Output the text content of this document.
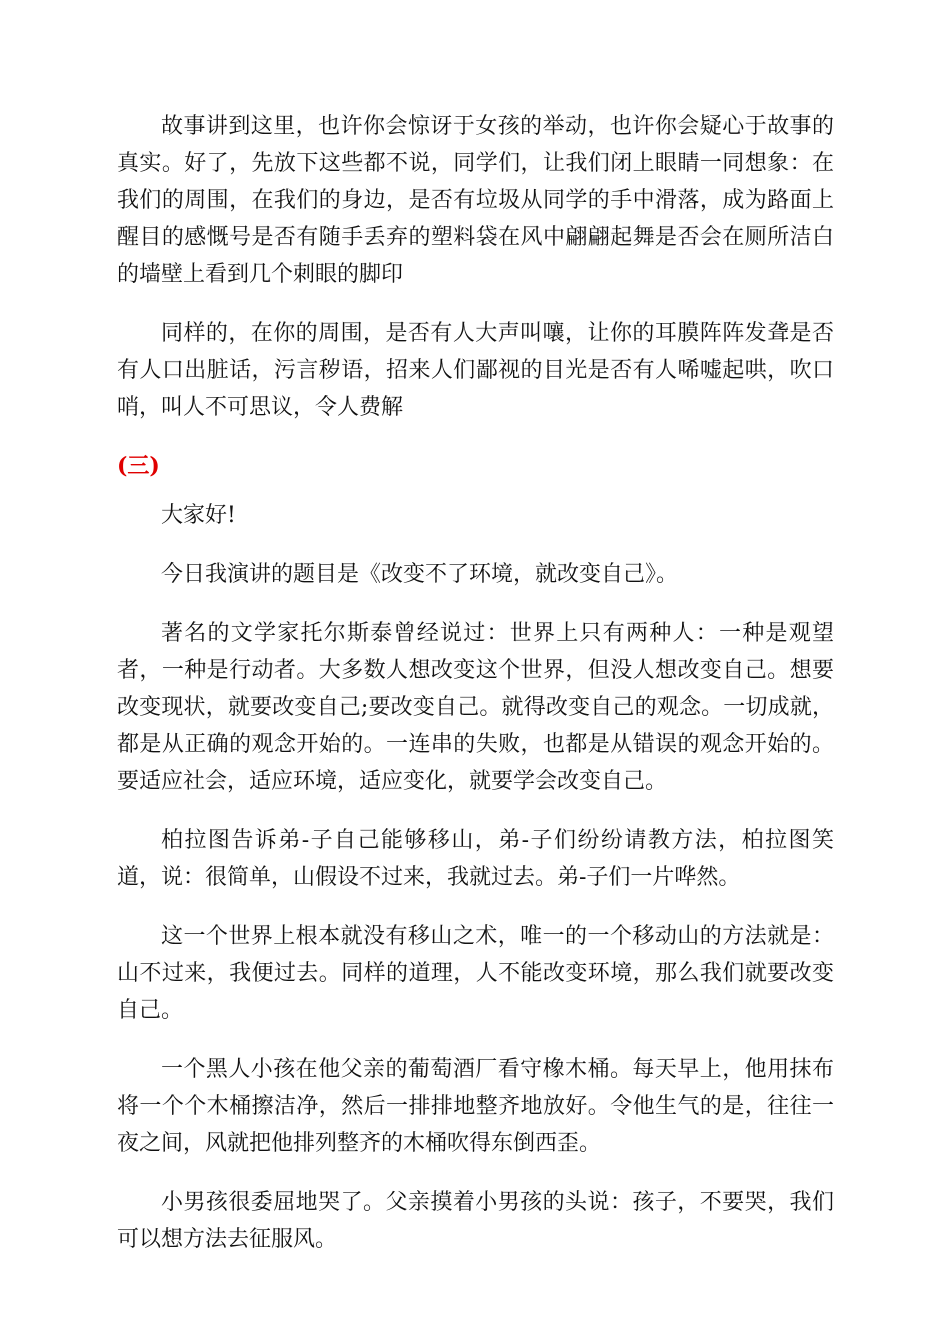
故事讲到这里，也许你会惊讶于女孩的举动，也许你会疑心于故事的真实。好了，先放下这些都不说，同学们，让我们闭上眼睛一同想象：在我们的周围，在我们的身边，是否有垃圾从同学的手中滑落，成为路面上醒目的感慨号是否有随手丢弃的塑料袋在风中翩翩起舞是否会在厕所洁白的墙壁上看到几个刺眼的脚印

同样的，在你的周围，是否有人大声叫嚷，让你的耳膜阵阵发聋是否有人口出脏话，污言秽语，招来人们鄙视的目光是否有人唏嘘起哄，吹口哨，叫人不可思议，令人费解

(三)

大家好!

今日我演讲的题目是《改变不了环境，就改变自己》。

著名的文学家托尔斯泰曾经说过：世界上只有两种人：一种是观望者，一种是行动者。大多数人想改变这个世界，但没人想改变自己。想要改变现状，就要改变自己;要改变自己。就得改变自己的观念。一切成就，都是从正确的观念开始的。一连串的失败，也都是从错误的观念开始的。要适应社会，适应环境，适应变化，就要学会改变自己。

柏拉图告诉弟-子自己能够移山，弟-子们纷纷请教方法，柏拉图笑道，说：很简单，山假设不过来，我就过去。弟-子们一片哗然。

这一个世界上根本就没有移山之术，唯一的一个移动山的方法就是：山不过来，我便过去。同样的道理，人不能改变环境，那么我们就要改变自己。

一个黑人小孩在他父亲的葡萄酒厂看守橡木桶。每天早上，他用抹布将一个个木桶擦洁净，然后一排排地整齐地放好。令他生气的是，往往一夜之间，风就把他排列整齐的木桶吹得东倒西歪。

小男孩很委屈地哭了。父亲摸着小男孩的头说：孩子，不要哭，我们可以想方法去征服风。
